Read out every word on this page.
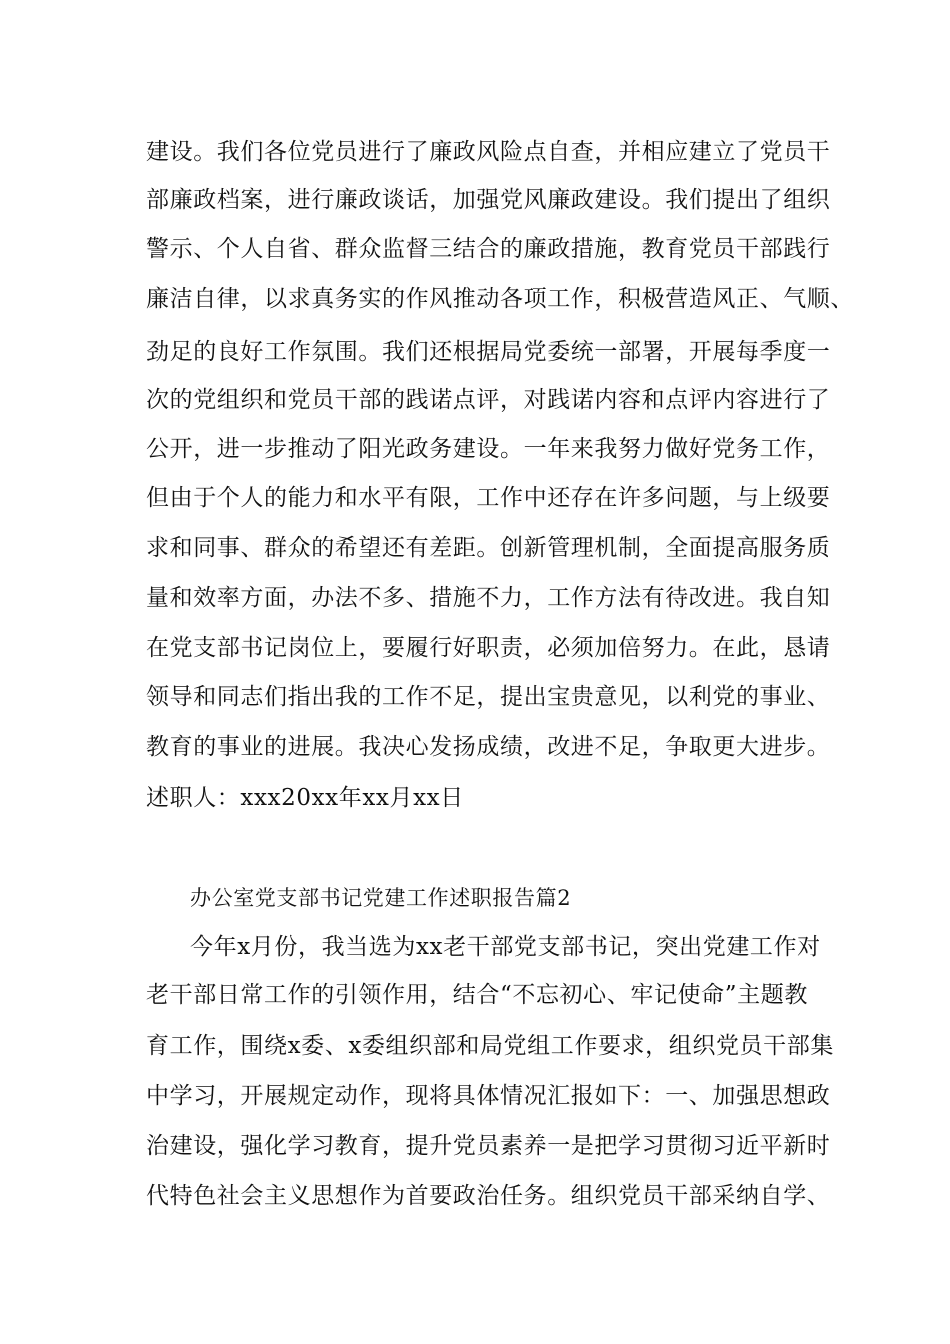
建设。我们各位党员进行了廉政风险点自查，并相应建立了党员干
部廉政档案，进行廉政谈话，加强党风廉政建设。我们提出了组织
警示、个人自省、群众监督三结合的廉政措施，教育党员干部践行
廉洁自律，以求真务实的作风推动各项工作，积极营造风正、气顺、
劲足的良好工作氛围。我们还根据局党委统一部署，开展每季度一
次的党组织和党员干部的践诺点评，对践诺内容和点评内容进行了
公开，进一步推动了阳光政务建设。一年来我努力做好党务工作，
但由于个人的能力和水平有限，工作中还存在许多问题，与上级要
求和同事、群众的希望还有差距。创新管理机制，全面提高服务质
量和效率方面，办法不多、措施不力，工作方法有待改进。我自知
在党支部书记岗位上，要履行好职责，必须加倍努力。在此，恳请
领导和同志们指出我的工作不足，提出宝贵意见，以利党的事业、
教育的事业的进展。我决心发扬成绩，改进不足，争取更大进步。
述职人：xxx20xx年xx月xx日
办公室党支部书记党建工作述职报告篇2
今年x月份，我当选为xx老干部党支部书记，突出党建工作对
老干部日常工作的引领作用，结合“不忘初心、牢记使命”主题教
育工作，围绕x委、x委组织部和局党组工作要求，组织党员干部集
中学习，开展规定动作，现将具体情况汇报如下：一、加强思想政
治建设，强化学习教育，提升党员素养一是把学习贯彻习近平新时
代特色社会主义思想作为首要政治任务。组织党员干部采纳自学、
